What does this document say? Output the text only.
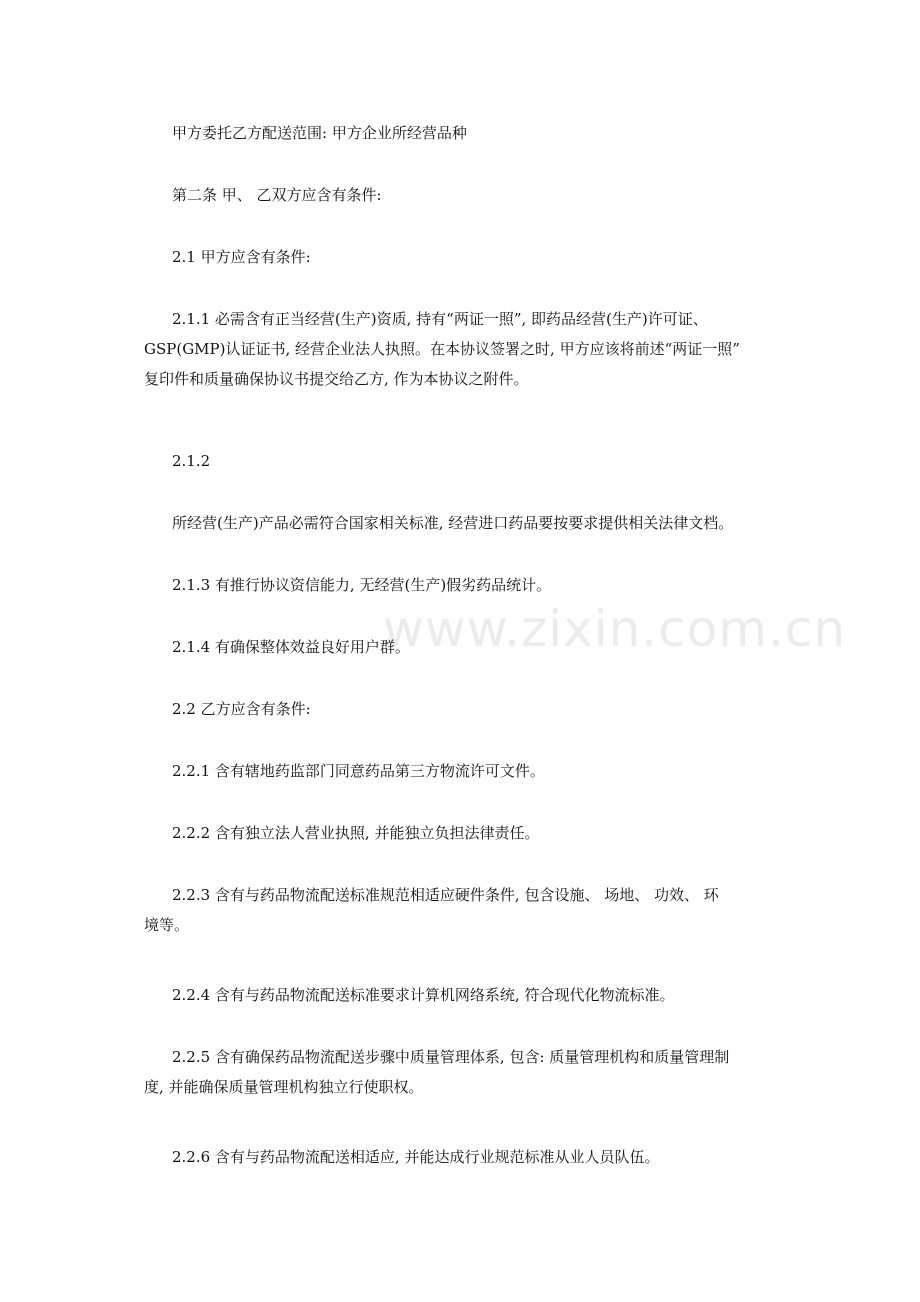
甲方委托乙方配送范围: 甲方企业所经营品种

第二条 甲、 乙双方应含有条件:

2.1 甲方应含有条件:

2.1.1 必需含有正当经营(生产)资质, 持有“两证一照”, 即药品经营(生产)许可证、
GSP(GMP)认证证书, 经营企业法人执照。在本协议签署之时, 甲方应该将前述“两证一照”
复印件和质量确保协议书提交给乙方, 作为本协议之附件。

2.1.2

所经营(生产)产品必需符合国家相关标准, 经营进口药品要按要求提供相关法律文档。

2.1.3 有推行协议资信能力, 无经营(生产)假劣药品统计。

2.1.4 有确保整体效益良好用户群。

2.2 乙方应含有条件:

2.2.1 含有辖地药监部门同意药品第三方物流许可文件。

2.2.2 含有独立法人营业执照, 并能独立负担法律责任。

2.2.3 含有与药品物流配送标准规范相适应硬件条件, 包含设施、 场地、 功效、 环
境等。

2.2.4 含有与药品物流配送标准要求计算机网络系统, 符合现代化物流标准。

2.2.5 含有确保药品物流配送步骤中质量管理体系, 包含: 质量管理机构和质量管理制
度, 并能确保质量管理机构独立行使职权。

2.2.6 含有与药品物流配送相适应, 并能达成行业规范标准从业人员队伍。

www.zixin.com.cn
